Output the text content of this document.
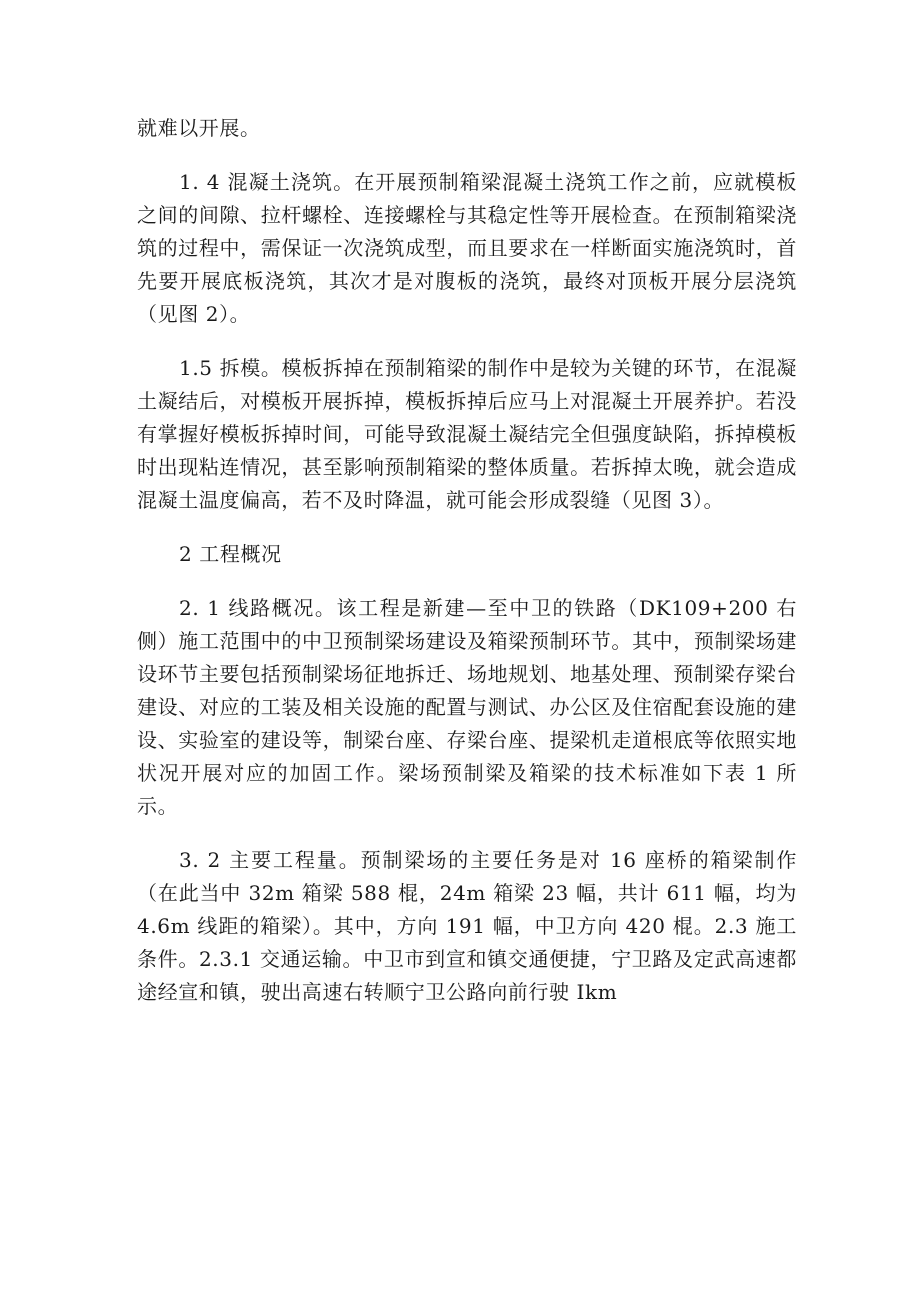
就难以开展。

1. 4 混凝土浇筑。在开展预制箱梁混凝土浇筑工作之前，应就模板之间的间隙、拉杆螺栓、连接螺栓与其稳定性等开展检查。在预制箱梁浇筑的过程中，需保证一次浇筑成型，而且要求在一样断面实施浇筑时，首先要开展底板浇筑，其次才是对腹板的浇筑，最终对顶板开展分层浇筑（见图 2）。

1.5 拆模。模板拆掉在预制箱梁的制作中是较为关键的环节，在混凝土凝结后，对模板开展拆掉，模板拆掉后应马上对混凝土开展养护。若没有掌握好模板拆掉时间，可能导致混凝土凝结完全但强度缺陷，拆掉模板时出现粘连情况，甚至影响预制箱梁的整体质量。若拆掉太晚，就会造成混凝土温度偏高，若不及时降温，就可能会形成裂缝（见图 3）。

2 工程概况

2. 1 线路概况。该工程是新建—至中卫的铁路（DK109+200 右侧）施工范围中的中卫预制梁场建设及箱梁预制环节。其中，预制梁场建设环节主要包括预制梁场征地拆迁、场地规划、地基处理、预制梁存梁台建设、对应的工装及相关设施的配置与测试、办公区及住宿配套设施的建设、实验室的建设等，制梁台座、存梁台座、提梁机走道根底等依照实地状况开展对应的加固工作。梁场预制梁及箱梁的技术标准如下表 1 所示。

3. 2 主要工程量。预制梁场的主要任务是对 16 座桥的箱梁制作（在此当中 32m 箱梁 588 棍，24m 箱梁 23 幅，共计 611 幅，均为 4.6m 线距的箱梁）。其中，方向 191 幅，中卫方向 420 棍。2.3 施工条件。2.3.1 交通运输。中卫市到宣和镇交通便捷，宁卫路及定武高速都途经宣和镇，驶出高速右转顺宁卫公路向前行驶 Ikm
